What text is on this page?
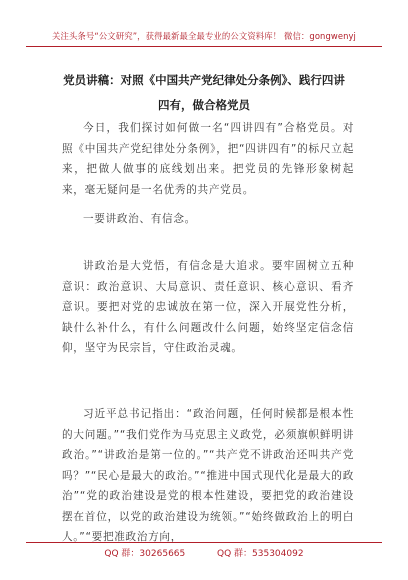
关注头条号“公文研究”，获得最新最全最专业的公文资料库！ 微信：gongwenyj
党员讲稿：对照《中国共产党纪律处分条例》、践行四讲
四有，做合格党员

今日，我们探讨如何做一名“四讲四有”合格党员。对照《中国共产党纪律处分条例》，把“四讲四有”的标尺立起来，把做人做事的底线划出来。把党员的先锋形象树起来，毫无疑问是一名优秀的共产党员。

一要讲政治、有信念。

讲政治是大党悟，有信念是大追求。要牢固树立五种意识：政治意识、大局意识、责任意识、核心意识、看齐意识。要把对党的忠诚放在第一位，深入开展党性分析，缺什么补什么，有什么问题改什么问题，始终坚定信念信仰，坚守为民宗旨，守住政治灵魂。

习近平总书记指出：“政治问题，任何时候都是根本性的大问题。”“我们党作为马克思主义政党，必须旗帜鲜明讲政治。”“讲政治是第一位的。”“共产党不讲政治还叫共产党吗？”“民心是最大的政治。”“推进中国式现代化是最大的政治”“党的政治建设是党的根本性建设，要把党的政治建设摆在首位，以党的政治建设为统领。”“始终做政治上的明白人。”“要把准政治方向，

QQ 群：30265665	QQ 群：535304092
